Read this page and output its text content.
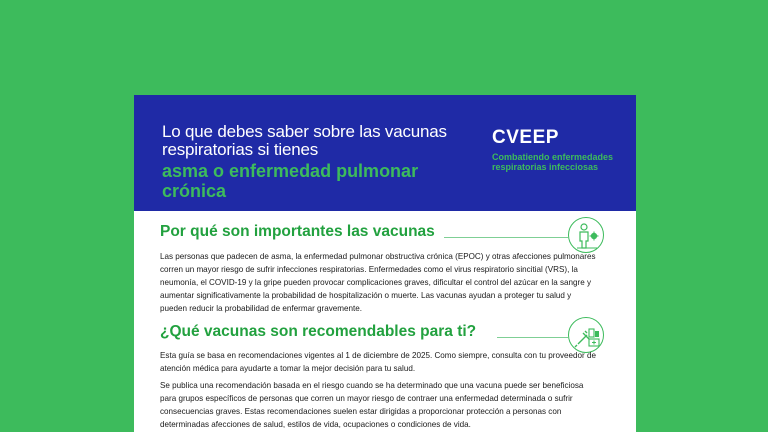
Lo que debes saber sobre las vacunas respiratorias si tienes
asma o enfermedad pulmonar crónica
CVEEP
Combatiendo enfermedades respiratorias infecciosas
Por qué son importantes las vacunas
Las personas que padecen de asma, la enfermedad pulmonar obstructiva crónica (EPOC) y otras afecciones pulmonares corren un mayor riesgo de sufrir infecciones respiratorias. Enfermedades como el virus respiratorio sincitial (VRS), la neumonía, el COVID-19 y la gripe pueden provocar complicaciones graves, dificultar el control del azúcar en la sangre y aumentar significativamente la probabilidad de hospitalización o muerte. Las vacunas ayudan a proteger tu salud y pueden reducir la probabilidad de enfermar gravemente.
¿Qué vacunas son recomendables para ti?
Esta guía se basa en recomendaciones vigentes al 1 de diciembre de 2025. Como siempre, consulta con tu proveedor de atención médica para ayudarte a tomar la mejor decisión para tu salud.
Se publica una recomendación basada en el riesgo cuando se ha determinado que una vacuna puede ser beneficiosa para grupos específicos de personas que corren un mayor riesgo de contraer una enfermedad determinada o sufrir consecuencias graves. Estas recomendaciones suelen estar dirigidas a proporcionar protección a personas con determinadas afecciones de salud, estilos de vida, ocupaciones o condiciones de vida.
